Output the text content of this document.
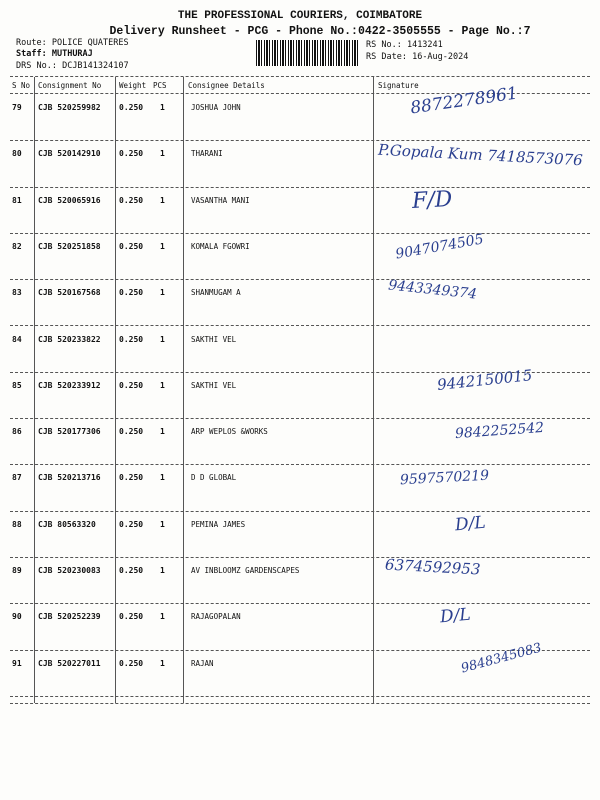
THE PROFESSIONAL COURIERS, COIMBATORE
Delivery Runsheet - PCG - Phone No.:0422-3505555 - Page No.:7
Route: POLICE QUATERES
Staff: MUTHURAJ
DRS No.: DCJB141324107
RS No.: 1413241
RS Date: 16-Aug-2024
S No Consignment No Weight PCS	Consignee Details	Signature
79 CJB 520259982 0.250 1	JOSHUA JOHN	8872278961
80 CJB 520142910 0.250 1	THARANI	P.Gopala Kum 7418573076
81 CJB 520065916 0.250 1	VASANTHA MANI	F/D
82 CJB 520251858 0.250 1	KOMALA FGOWRI	9047074505
83 CJB 520167568 0.250 1	SHANMUGAM A	9443349374
84 CJB 520233822 0.250 1	SAKTHI VEL
85 CJB 520233912 0.250 1	SAKTHI VEL	9442150015
86 CJB 520177306 0.250 1	ARP WEPLOS &WORKS	9842252542
87 CJB 520213716 0.250 1	D D GLOBAL	9597570219
88 CJB 80563320	0.250 1	PEMINA JAMES	D/L
89 CJB 520230083 0.250 1	AV INBLOOMZ GARDENSCAPES	6374592953
90 CJB 520252239 0.250 1	RAJAGOPALAN	D/L
91 CJB 520227011 0.250 1	RAJAN	9848345083
